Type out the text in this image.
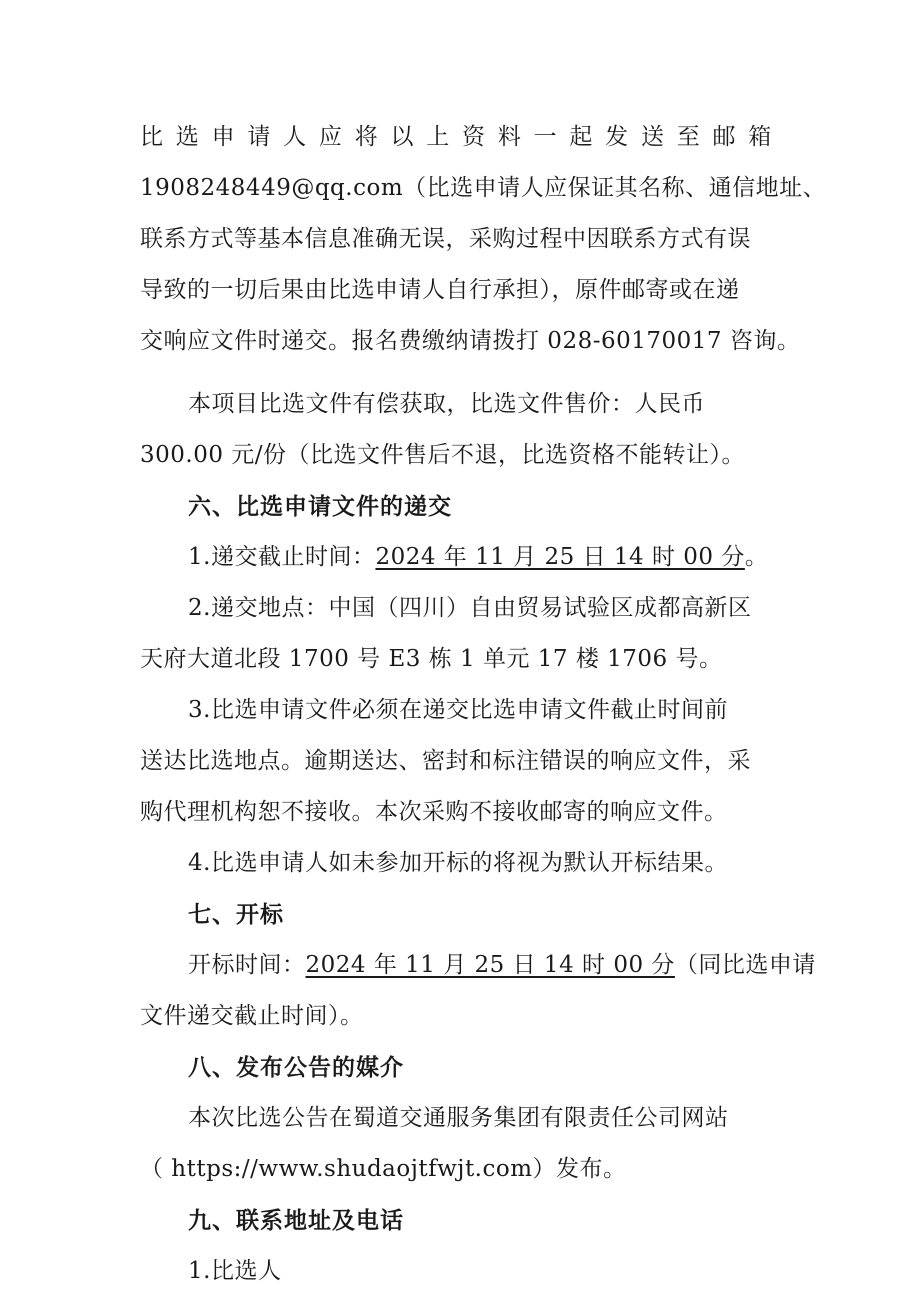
比 选 申 请 人 应 将 以 上 资 料 一 起 发 送 至 邮 箱
1908248449@qq.com（比选申请人应保证其名称、通信地址、
联系方式等基本信息准确无误，采购过程中因联系方式有误
导致的一切后果由比选申请人自行承担），原件邮寄或在递
交响应文件时递交。报名费缴纳请拨打 028-60170017 咨询。
本项目比选文件有偿获取，比选文件售价：人民币
300.00 元/份（比选文件售后不退，比选资格不能转让）。
六、比选申请文件的递交
1.递交截止时间：2024 年 11 月 25 日 14 时 00 分。
2.递交地点：中国（四川）自由贸易试验区成都高新区
天府大道北段 1700 号 E3 栋 1 单元 17 楼 1706 号。
3.比选申请文件必须在递交比选申请文件截止时间前
送达比选地点。逾期送达、密封和标注错误的响应文件，采
购代理机构恕不接收。本次采购不接收邮寄的响应文件。
4.比选申请人如未参加开标的将视为默认开标结果。
七、开标
开标时间：2024 年 11 月 25 日 14 时 00 分（同比选申请
文件递交截止时间）。
八、发布公告的媒介
本次比选公告在蜀道交通服务集团有限责任公司网站
（ https://www.shudaojtfwjt.com）发布。
九、联系地址及电话
1.比选人
